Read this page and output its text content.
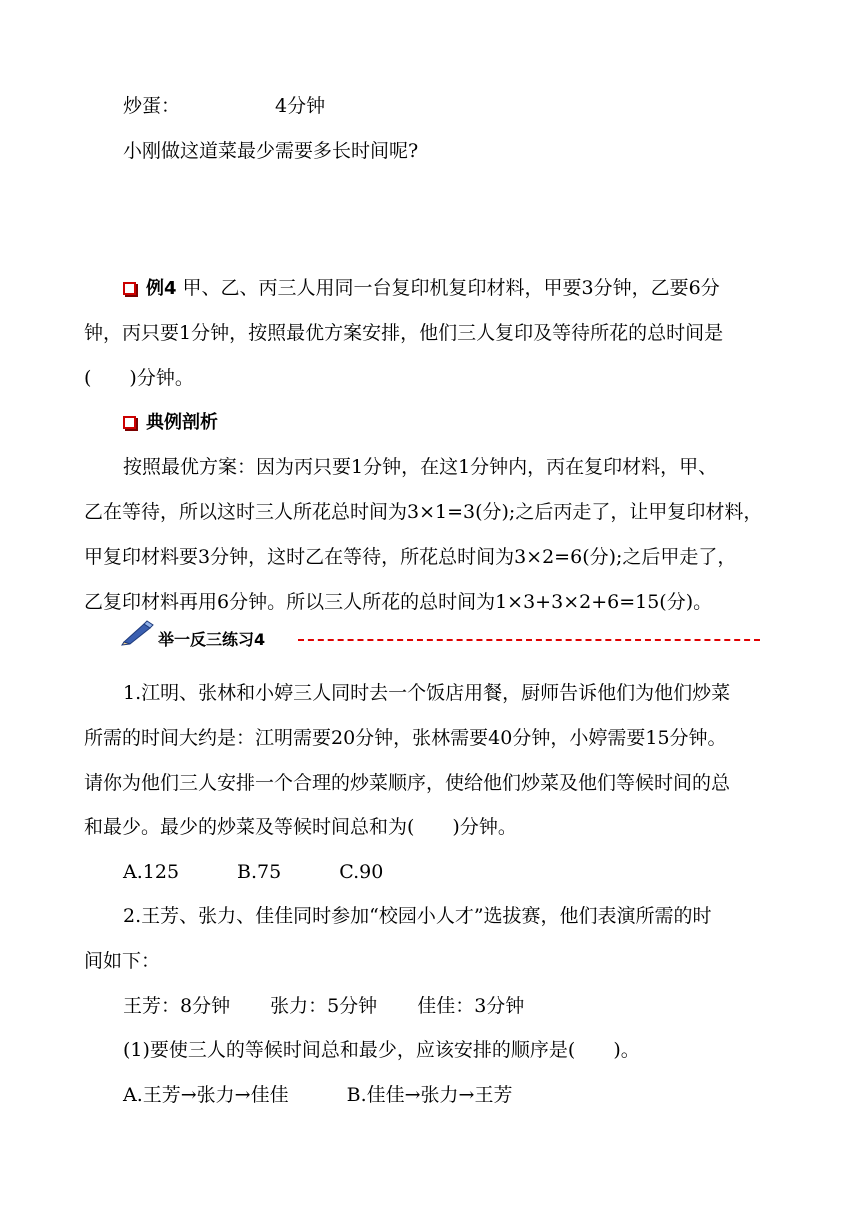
炒蛋：	4分钟
小刚做这道菜最少需要多长时间呢?
例4 甲、乙、丙三人用同一台复印机复印材料，甲要3分钟，乙要6分
钟，丙只要1分钟，按照最优方案安排，他们三人复印及等待所花的总时间是
(　　)分钟。
典例剖析
按照最优方案：因为丙只要1分钟，在这1分钟内，丙在复印材料，甲、
乙在等待，所以这时三人所花总时间为3×1=3(分);之后丙走了，让甲复印材料，
甲复印材料要3分钟，这时乙在等待，所花总时间为3×2=6(分);之后甲走了，
乙复印材料再用6分钟。所以三人所花的总时间为1×3+3×2+6=15(分)。
举一反三练习4
1.江明、张林和小婷三人同时去一个饭店用餐，厨师告诉他们为他们炒菜
所需的时间大约是：江明需要20分钟，张林需要40分钟，小婷需要15分钟。
请你为他们三人安排一个合理的炒菜顺序，使给他们炒菜及他们等候时间的总
和最少。最少的炒菜及等候时间总和为(　　)分钟。
A.125	B.75	C.90
2.王芳、张力、佳佳同时参加“校园小人才”选拔赛，他们表演所需的时
间如下：
王芳：8分钟 张力：5分钟 佳佳：3分钟
(1)要使三人的等候时间总和最少，应该安排的顺序是(　　)。
A.王芳→张力→佳佳	B.佳佳→张力→王芳
